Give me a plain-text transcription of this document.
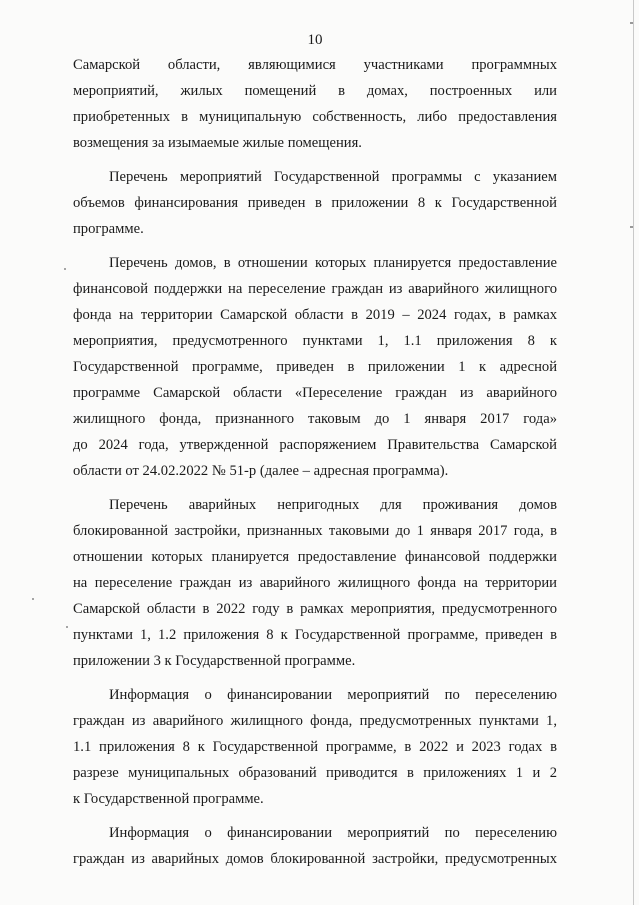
10
Самарской области, являющимися участниками программных
мероприятий, жилых помещений в домах, построенных или
приобретенных в муниципальную собственность, либо предоставления
возмещения за изымаемые жилые помещения.
Перечень мероприятий Государственной программы с указанием
объемов финансирования приведен в приложении 8 к Государственной
программе.
Перечень домов, в отношении которых планируется предоставление
финансовой поддержки на переселение граждан из аварийного жилищного
фонда на территории Самарской области в 2019 – 2024 годах, в рамках
мероприятия, предусмотренного пунктами 1, 1.1 приложения 8 к
Государственной программе, приведен в приложении 1 к адресной
программе Самарской области «Переселение граждан из аварийного
жилищного фонда, признанного таковым до 1 января 2017 года»
до 2024 года, утвержденной распоряжением Правительства Самарской
области от 24.02.2022 № 51-р (далее – адресная программа).
Перечень аварийных непригодных для проживания домов
блокированной застройки, признанных таковыми до 1 января 2017 года, в
отношении которых планируется предоставление финансовой поддержки
на переселение граждан из аварийного жилищного фонда на территории
Самарской области в 2022 году в рамках мероприятия, предусмотренного
пунктами 1, 1.2 приложения 8 к Государственной программе, приведен в
приложении 3 к Государственной программе.
Информация о финансировании мероприятий по переселению
граждан из аварийного жилищного фонда, предусмотренных пунктами 1,
1.1 приложения 8 к Государственной программе, в 2022 и 2023 годах в
разрезе муниципальных образований приводится в приложениях 1 и 2
к Государственной программе.
Информация о финансировании мероприятий по переселению
граждан из аварийных домов блокированной застройки, предусмотренных
